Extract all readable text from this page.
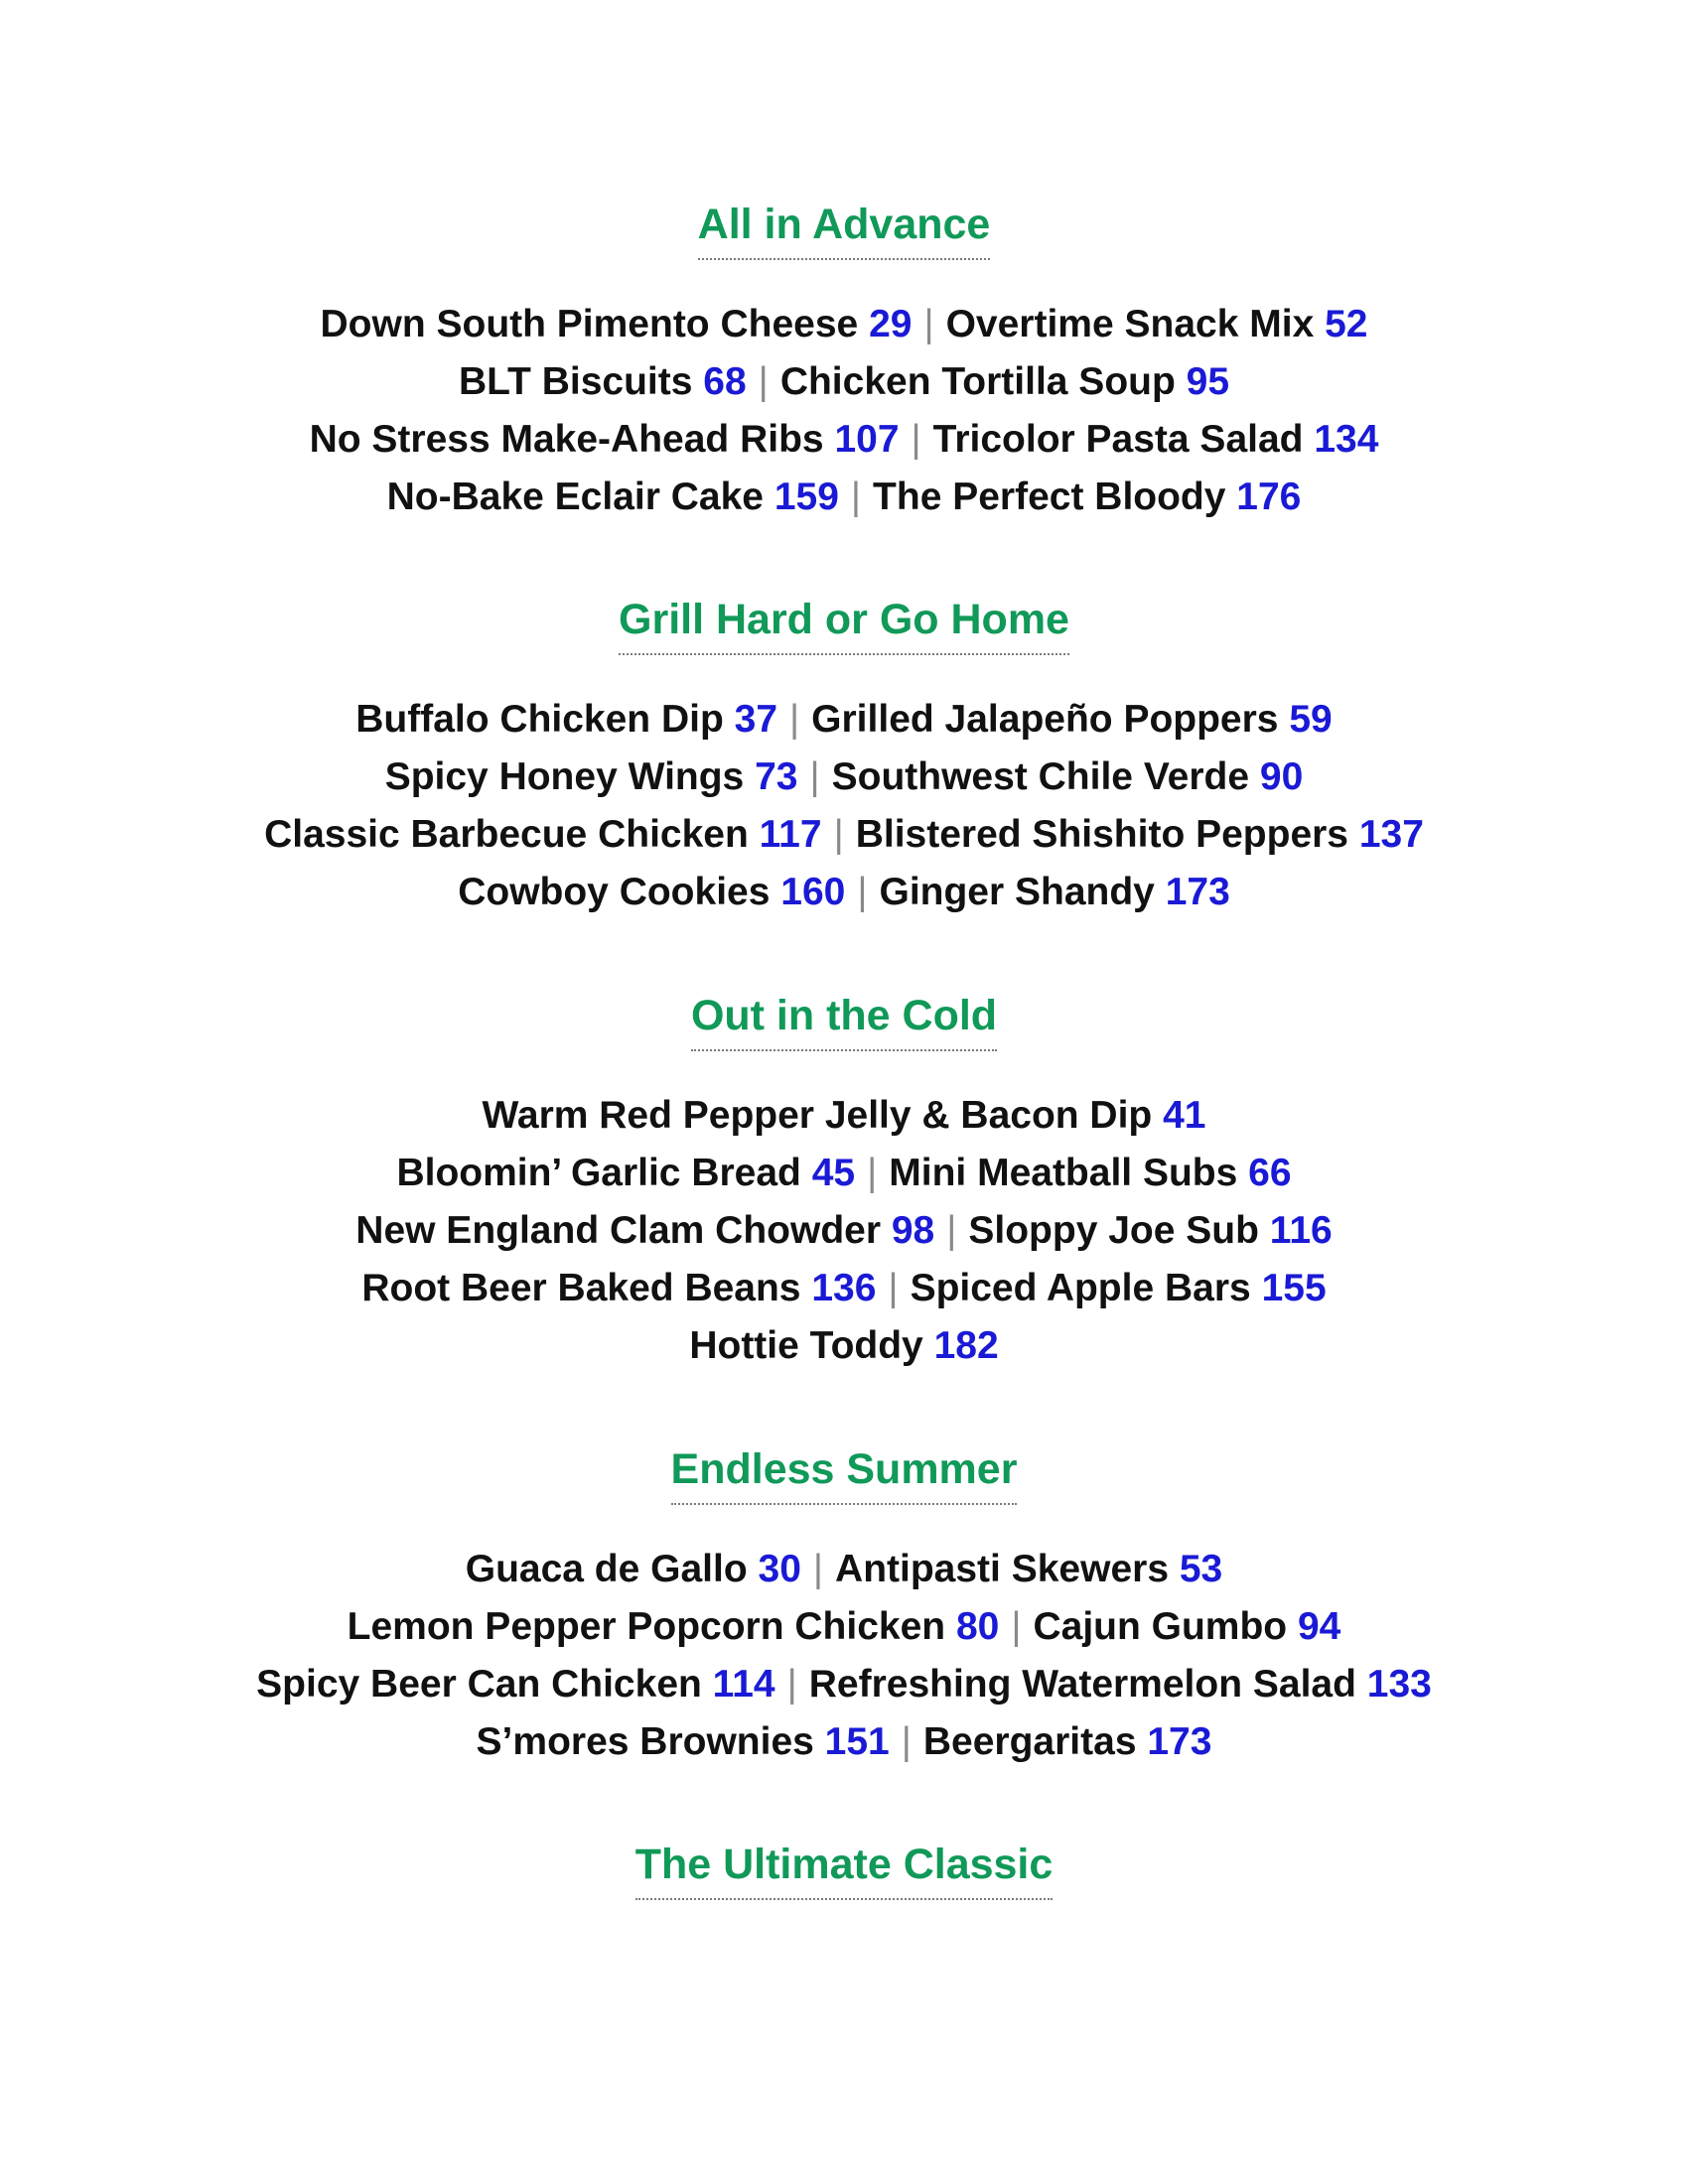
All in Advance
Down South Pimento Cheese 29 | Overtime Snack Mix 52
BLT Biscuits 68 | Chicken Tortilla Soup 95
No Stress Make-Ahead Ribs 107 | Tricolor Pasta Salad 134
No-Bake Eclair Cake 159 | The Perfect Bloody 176
Grill Hard or Go Home
Buffalo Chicken Dip 37 | Grilled Jalapeño Poppers 59
Spicy Honey Wings 73 | Southwest Chile Verde 90
Classic Barbecue Chicken 117 | Blistered Shishito Peppers 137
Cowboy Cookies 160 | Ginger Shandy 173
Out in the Cold
Warm Red Pepper Jelly & Bacon Dip 41
Bloomin’ Garlic Bread 45 | Mini Meatball Subs 66
New England Clam Chowder 98 | Sloppy Joe Sub 116
Root Beer Baked Beans 136 | Spiced Apple Bars 155
Hottie Toddy 182
Endless Summer
Guaca de Gallo 30 | Antipasti Skewers 53
Lemon Pepper Popcorn Chicken 80 | Cajun Gumbo 94
Spicy Beer Can Chicken 114 | Refreshing Watermelon Salad 133
S’mores Brownies 151 | Beergaritas 173
The Ultimate Classic
